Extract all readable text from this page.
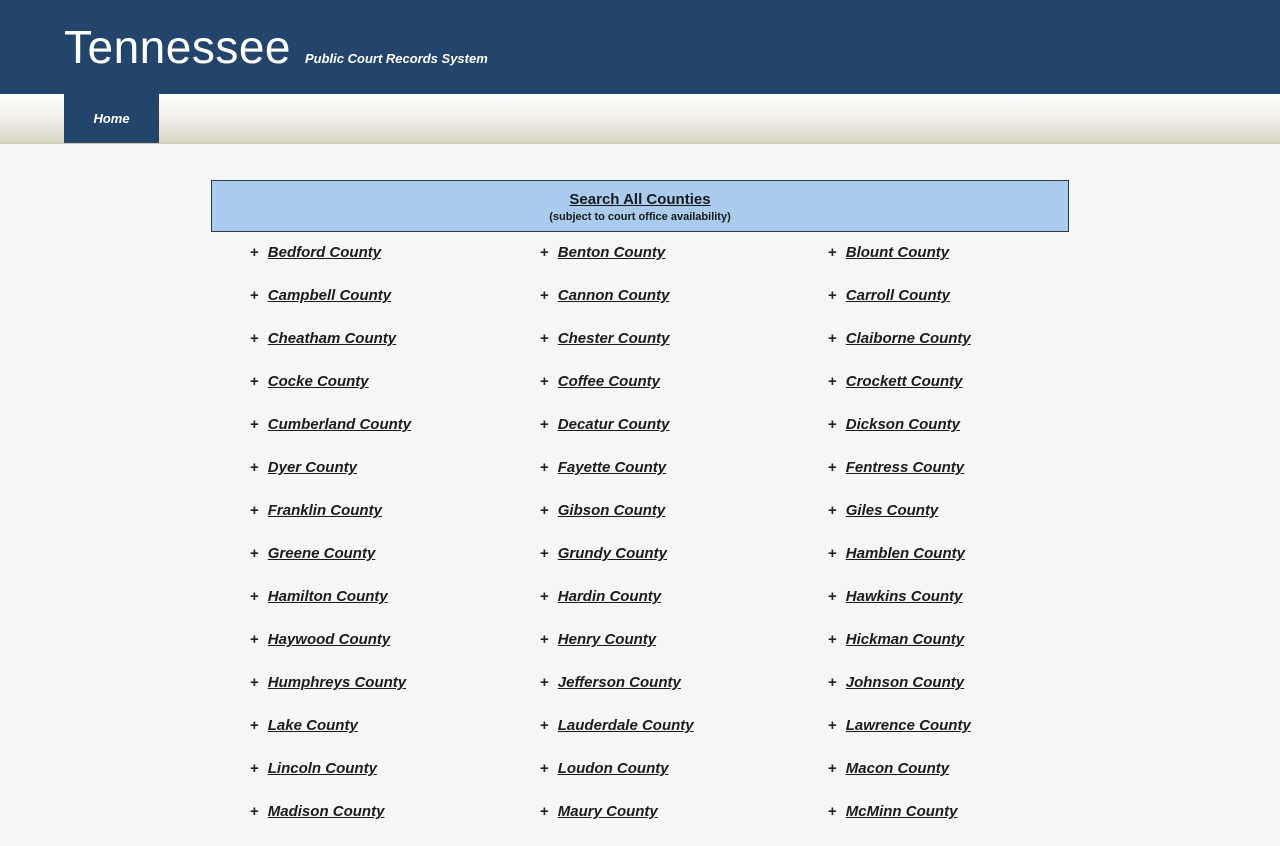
Tennessee Public Court Records System
Home
Search All Counties
(subject to court office availability)
+ Bedford County	+ Benton County	+ Blount County
+ Campbell County	+ Cannon County	+ Carroll County
+ Cheatham County	+ Chester County	+ Claiborne County
+ Cocke County	+ Coffee County	+ Crockett County
+ Cumberland County	+ Decatur County	+ Dickson County
+ Dyer County	+ Fayette County	+ Fentress County
+ Franklin County	+ Gibson County	+ Giles County
+ Greene County	+ Grundy County	+ Hamblen County
+ Hamilton County	+ Hardin County	+ Hawkins County
+ Haywood County	+ Henry County	+ Hickman County
+ Humphreys County	+ Jefferson County	+ Johnson County
+ Lake County	+ Lauderdale County	+ Lawrence County
+ Lincoln County	+ Loudon County	+ Macon County
+ Madison County	+ Maury County	+ McMinn County
